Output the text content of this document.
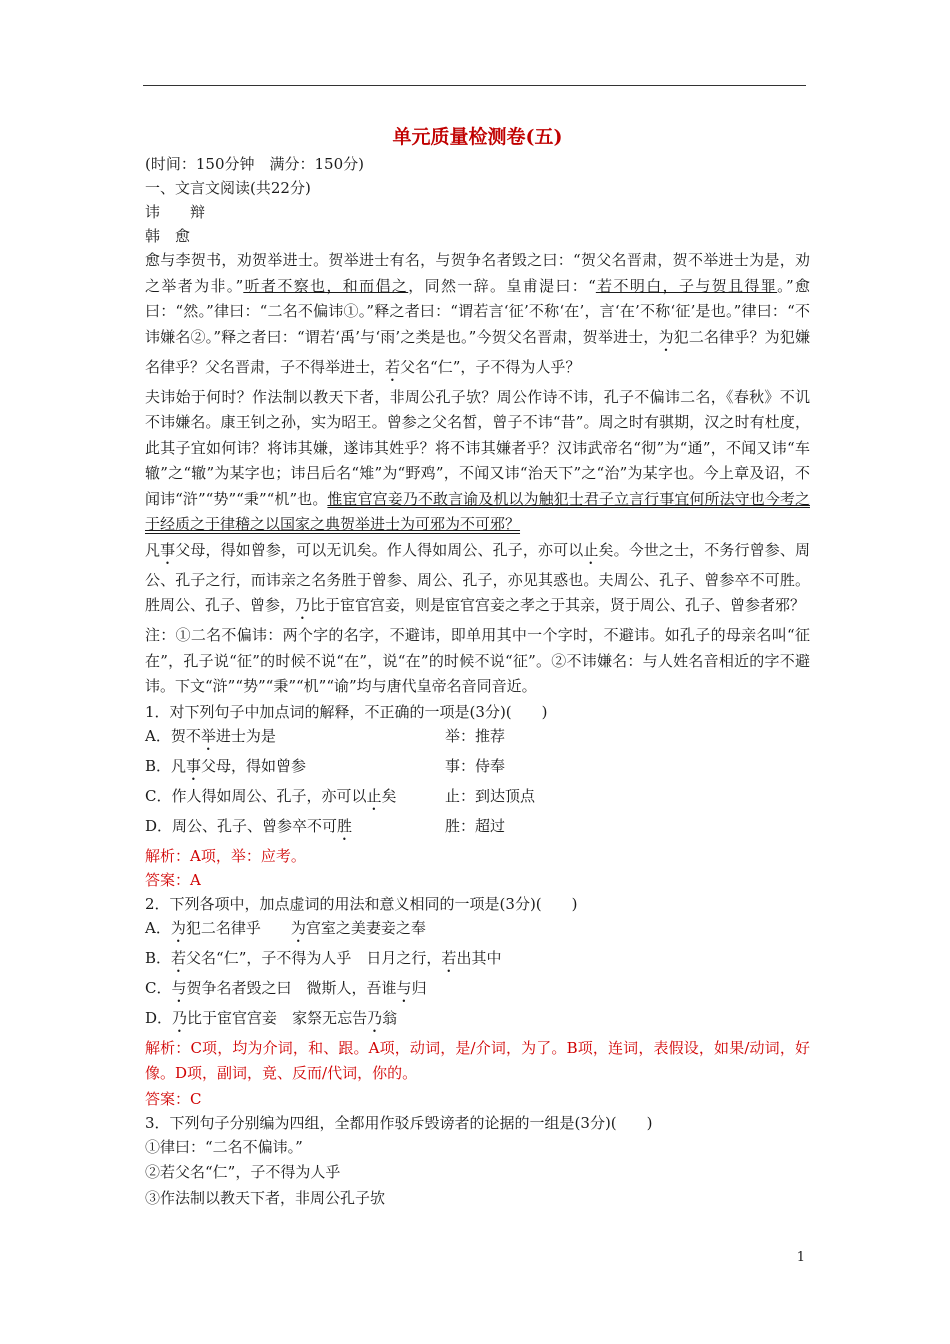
单元质量检测卷(五)
(时间：150分钟　满分：150分)
一、文言文阅读(共22分)
讳　　辩
韩　愈
愈与李贺书，劝贺举进士。贺举进士有名，与贺争名者毁之曰：“贺父名晋肃，贺不举进士为是，劝之举者为非。”听者不察也，和而倡之，同然一辞。皇甫湜曰：“若不明白，子与贺且得罪。”愈曰：“然。”律曰：“二名不偏讳①。”释之者曰：“谓若言‘征’不称‘在’，言‘在’不称‘征’是也。”律曰：“不讳嫌名②。”释之者曰：“谓若‘禹’与‘雨’之类是也。”今贺父名晋肃，贺举进士，为犯二名律乎？为犯嫌名律乎？父名晋肃，子不得举进士，若父名“仁”，子不得为人乎？
夫讳始于何时？作法制以教天下者，非周公孔子欤？周公作诗不讳，孔子不偏讳二名，《春秋》不讥不讳嫌名。康王钊之孙，实为昭王。曾参之父名皙，曾子不讳“昔”。周之时有骐期，汉之时有杜度，此其子宜如何讳？将讳其嫌，遂讳其姓乎？将不讳其嫌者乎？汉讳武帝名“彻”为“通”，不闻又讳“车辙”之“辙”为某字也；讳吕后名“雉”为“野鸡”，不闻又讳“治天下”之“治”为某字也。今上章及诏，不闻讳“浒”“势”“秉”“机”也。惟宦官宫妾乃不敢言谕及机以为触犯士君子立言行事宜何所法守也今考之于经质之于律稽之以国家之典贺举进士为可邪为不可邪？
凡事父母，得如曾参，可以无讥矣。作人得如周公、孔子，亦可以止矣。今世之士，不务行曾参、周公、孔子之行，而讳亲之名务胜于曾参、周公、孔子，亦见其惑也。夫周公、孔子、曾参卒不可胜。胜周公、孔子、曾参，乃比于宦官宫妾，则是宦官宫妾之孝之于其亲，贤于周公、孔子、曾参者邪？
注：①二名不偏讳：两个字的名字，不避讳，即单用其中一个字时，不避讳。如孔子的母亲名叫“征在”，孔子说“征”的时候不说“在”，说“在”的时候不说“征”。②不讳嫌名：与人姓名音相近的字不避讳。下文“浒”“势”“秉”“机”“谕”均与唐代皇帝名音同音近。
1．对下列句子中加点词的解释，不正确的一项是(3分)(　　)
A．贺不举进士为是	举：推荐
B．凡事父母，得如曾参	事：侍奉
C．作人得如周公、孔子，亦可以止矣	止：到达顶点
D．周公、孔子、曾参卒不可胜	胜：超过
解析：A项，举：应考。
答案：A
2．下列各项中，加点虚词的用法和意义相同的一项是(3分)(　　)
A．为犯二名律乎　　 为宫室之美妻妾之奉
B．若父名“仁”，子不得为人乎　 日月之行，若出其中
C．与贺争名者毁之曰　 微斯人，吾谁与归
D．乃比于宦官宫妾　 家祭无忘告乃翁
解析：C项，均为介词，和、跟。A项，动词，是/介词，为了。B项，连词，表假设，如果/动词，好像。D项，副词，竟、反而/代词，你的。
答案：C
3．下列句子分别编为四组，全都用作驳斥毁谤者的论据的一组是(3分)(　　)
①律曰：“二名不偏讳。”
②若父名“仁”，子不得为人乎
③作法制以教天下者，非周公孔子欤
1
